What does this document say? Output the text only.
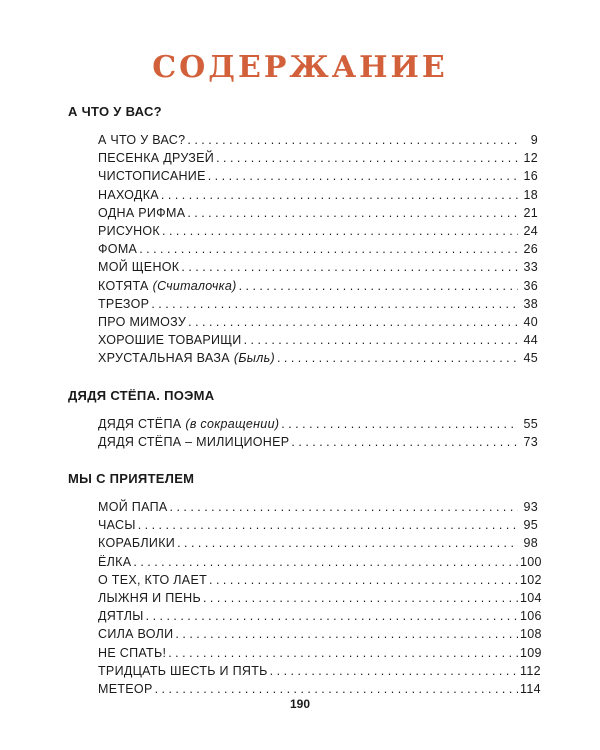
СОДЕРЖАНИЕ
А ЧТО У ВАС?
А ЧТО У ВАС? . . .	9
ПЕСЕНКА ДРУЗЕЙ . . .	12
ЧИСТОПИСАНИЕ . . .	16
НАХОДКА . . .	18
ОДНА РИФМА . . .	21
РИСУНОК . . .	24
ФОМА . . .	26
МОЙ ЩЕНОК . . .	33
КОТЯТА (Считалочка) . . .	36
ТРЕЗОР . . .	38
ПРО МИМОЗУ . . .	40
ХОРОШИЕ ТОВАРИЩИ . . .	44
ХРУСТАЛЬНАЯ ВАЗА (Быль) . . .	45
ДЯДЯ СТЁПА. ПОЭМА
ДЯДЯ СТЁПА (в сокращении) . . .	55
ДЯДЯ СТЁПА – МИЛИЦИОНЕР . . .	73
МЫ С ПРИЯТЕЛЕМ
МОЙ ПАПА . . .	93
ЧАСЫ . . .	95
КОРАБЛИКИ . . .	98
ЁЛКА . . .	100
О ТЕХ, КТО ЛАЕТ . . .	102
ЛЫЖНЯ И ПЕНЬ . . .	104
ДЯТЛЫ . . .	106
СИЛА ВОЛИ . . .	108
НЕ СПАТЬ! . . .	109
ТРИДЦАТЬ ШЕСТЬ И ПЯТЬ . . .	112
МЕТЕОР . . .	114
190
